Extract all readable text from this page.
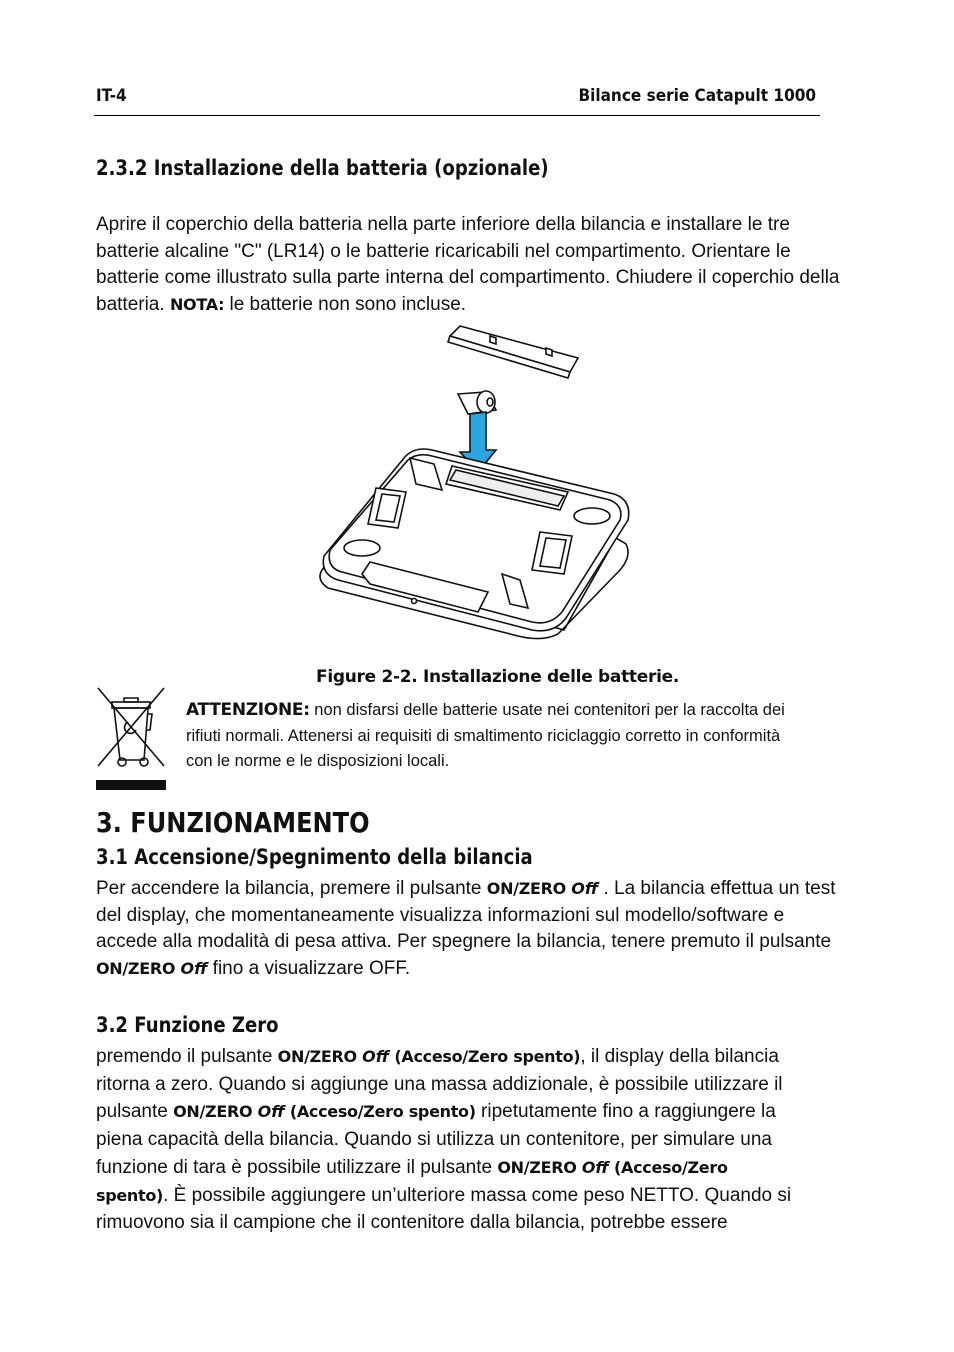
IT-4	Bilance serie Catapult 1000
2.3.2 Installazione della batteria (opzionale)
Aprire il coperchio della batteria nella parte inferiore della bilancia e installare le tre
batterie alcaline "C" (LR14) o le batterie ricaricabili nel compartimento. Orientare le
batterie come illustrato sulla parte interna del compartimento. Chiudere il coperchio della
batteria. NOTA: le batterie non sono incluse.
Figure 2-2. Installazione delle batterie.
ATTENZIONE: non disfarsi delle batterie usate nei contenitori per la raccolta dei
rifiuti normali. Attenersi ai requisiti di smaltimento riciclaggio corretto in conformità
con le norme e le disposizioni locali.
3. FUNZIONAMENTO
3.1 Accensione/Spegnimento della bilancia
Per accendere la bilancia, premere il pulsante ON/ZERO Off . La bilancia effettua un test
del display, che momentaneamente visualizza informazioni sul modello/software e
accede alla modalità di pesa attiva. Per spegnere la bilancia, tenere premuto il pulsante
ON/ZERO Off fino a visualizzare OFF.
3.2 Funzione Zero
premendo il pulsante ON/ZERO Off (Acceso/Zero spento), il display della bilancia
ritorna a zero. Quando si aggiunge una massa addizionale, è possibile utilizzare il
pulsante ON/ZERO Off (Acceso/Zero spento) ripetutamente fino a raggiungere la
piena capacità della bilancia. Quando si utilizza un contenitore, per simulare una
funzione di tara è possibile utilizzare il pulsante ON/ZERO Off (Acceso/Zero
spento). È possibile aggiungere un’ulteriore massa come peso NETTO. Quando si
rimuovono sia il campione che il contenitore dalla bilancia, potrebbe essere
